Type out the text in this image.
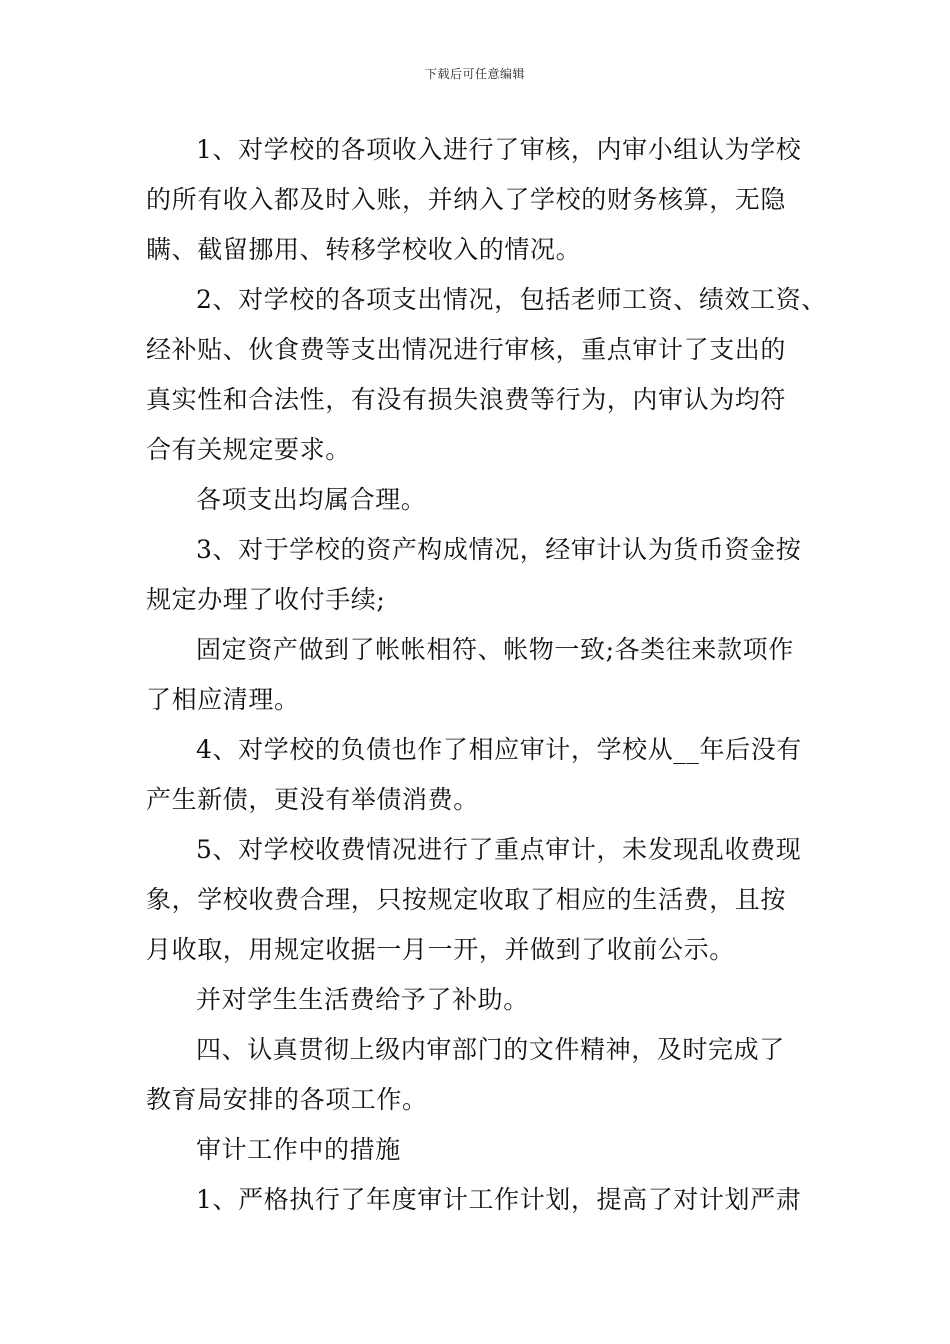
下载后可任意编辑
1、对学校的各项收入进行了审核，内审小组认为学校
的所有收入都及时入账，并纳入了学校的财务核算，无隐
瞒、截留挪用、转移学校收入的情况。
2、对学校的各项支出情况，包括老师工资、绩效工资、
经补贴、伙食费等支出情况进行审核，重点审计了支出的
真实性和合法性，有没有损失浪费等行为，内审认为均符
合有关规定要求。
各项支出均属合理。
3、对于学校的资产构成情况，经审计认为货币资金按
规定办理了收付手续;
固定资产做到了帐帐相符、帐物一致;各类往来款项作
了相应清理。
4、对学校的负债也作了相应审计，学校从__年后没有
产生新债，更没有举债消费。
5、对学校收费情况进行了重点审计，未发现乱收费现
象，学校收费合理，只按规定收取了相应的生活费，且按
月收取，用规定收据一月一开，并做到了收前公示。
并对学生生活费给予了补助。
四、认真贯彻上级内审部门的文件精神，及时完成了
教育局安排的各项工作。
审计工作中的措施
1、严格执行了年度审计工作计划，提高了对计划严肃
